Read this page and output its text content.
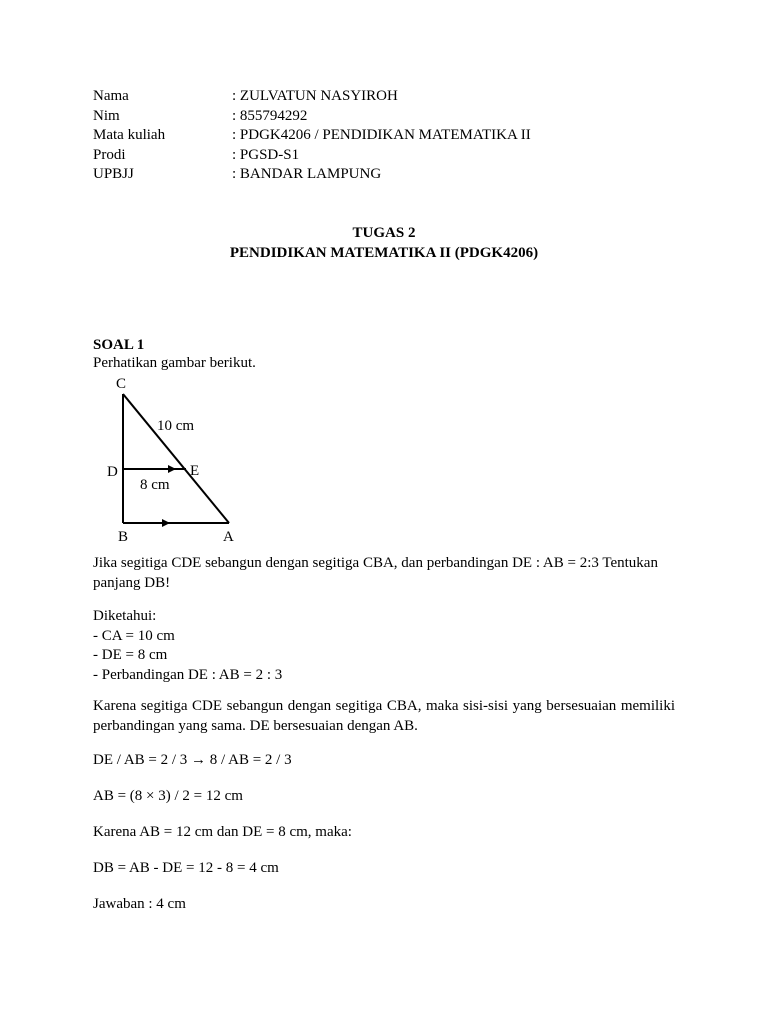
Nama	: ZULVATUN NASYIROH
Nim	: 855794292
Mata kuliah	: PDGK4206 / PENDIDIKAN MATEMATIKA II
Prodi	: PGSD-S1
UPBJJ	: BANDAR LAMPUNG
TUGAS 2
PENDIDIKAN MATEMATIKA II (PDGK4206)
SOAL 1
Perhatikan gambar berikut.
C
10 cm
D	E
8 cm
B	A
Jika segitiga CDE sebangun dengan segitiga CBA, dan perbandingan DE : AB = 2:3 Tentukan panjang DB!
Diketahui:
- CA = 10 cm
- DE = 8 cm
- Perbandingan DE : AB = 2 : 3
Karena segitiga CDE sebangun dengan segitiga CBA, maka sisi-sisi yang bersesuaian memiliki perbandingan yang sama. DE bersesuaian dengan AB.
DE / AB = 2 / 3 → 8 / AB = 2 / 3
AB = (8 × 3) / 2 = 12 cm
Karena AB = 12 cm dan DE = 8 cm, maka:
DB = AB - DE = 12 - 8 = 4 cm
Jawaban : 4 cm
